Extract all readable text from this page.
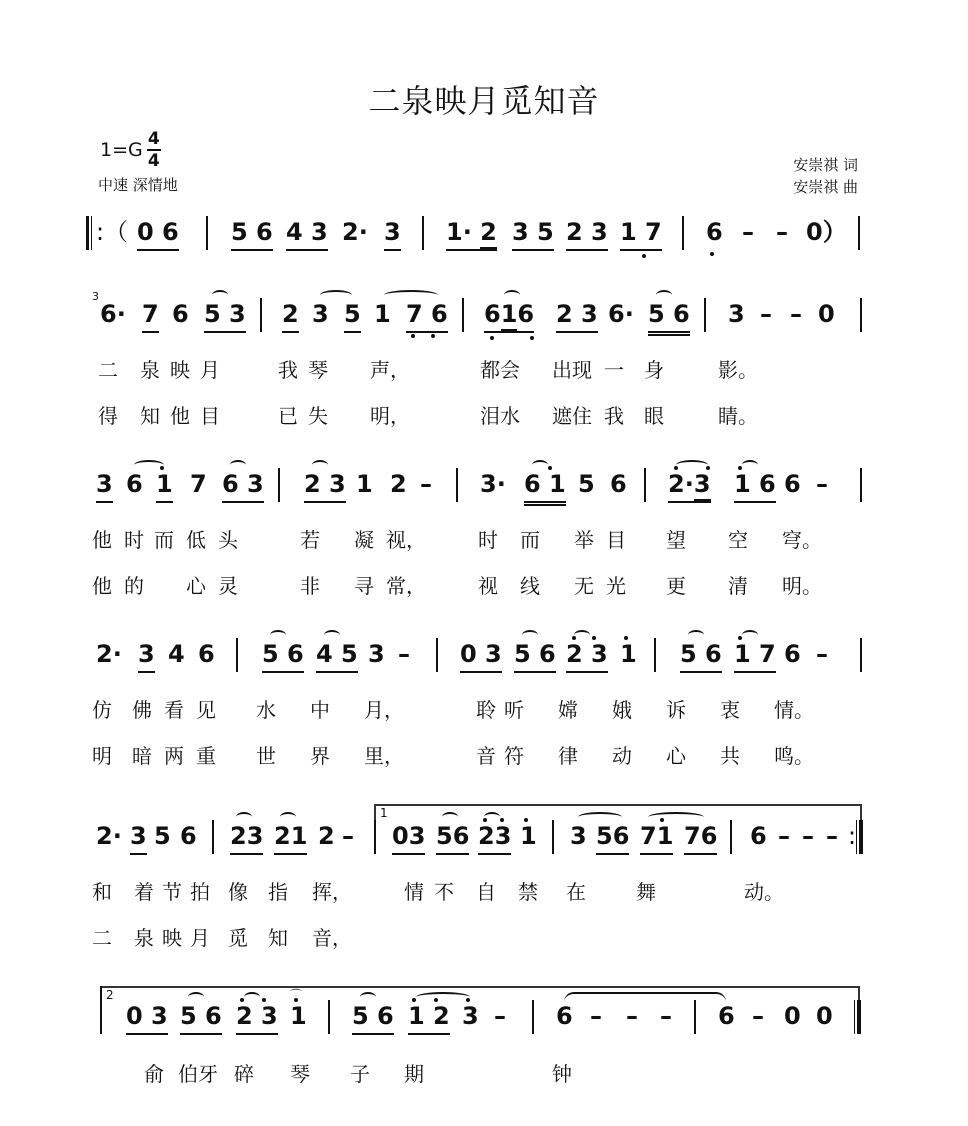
二泉映月觅知音
$1=G \frac{4}{4}$
中速 深情地
安崇祺 词
安崇祺 曲
:（ 0 6 5 6 4 3 2· 3 1· 2 3 5 2 3 1 7 6 – – 0）
3
6· 7 6 5 3 2 3 5 1 7 6 616 2 3 6· 5 6 3 – – 0
二 泉 映 月	我 琴 声，	都会 出现 一 身	影。
得 知 他 目	已 失 明，	泪水 遮住 我 眼	睛。
3 6 1 7 6 3 2 3 1 2 – 3· 6 1 5 6 2·3 1 6 6 –
他 时 而 低 头	若 凝 视，	时 而 举 目 望 空 穹。
他 的 心 灵	非 寻 常，	视 线 无 光 更 清 明。
2· 3 4 6 5 6 4 5 3 – 0 3 5 6 2 3 1 5 6 1 7 6 –
仿 佛 看 见 水 中 月，	聆 听 嫦 娥 诉 衷 情。
明 暗 两 重 世 界 里，	音 符 律 动 心 共 鸣。
1
2· 3 5 6 23 21 2 – 03 56 23 1 3 56 71 76 6 – – – :
和 着 节 拍 像 指 挥，	情 不 自 禁 在	舞	动。
二 泉 映 月 觅 知 音，
2
0 3 5 6 2 3 1
⌒
5 6 1 2 3 – 6 – – – 6 – 0 0
俞 伯牙 碎 琴 子 期	钟
